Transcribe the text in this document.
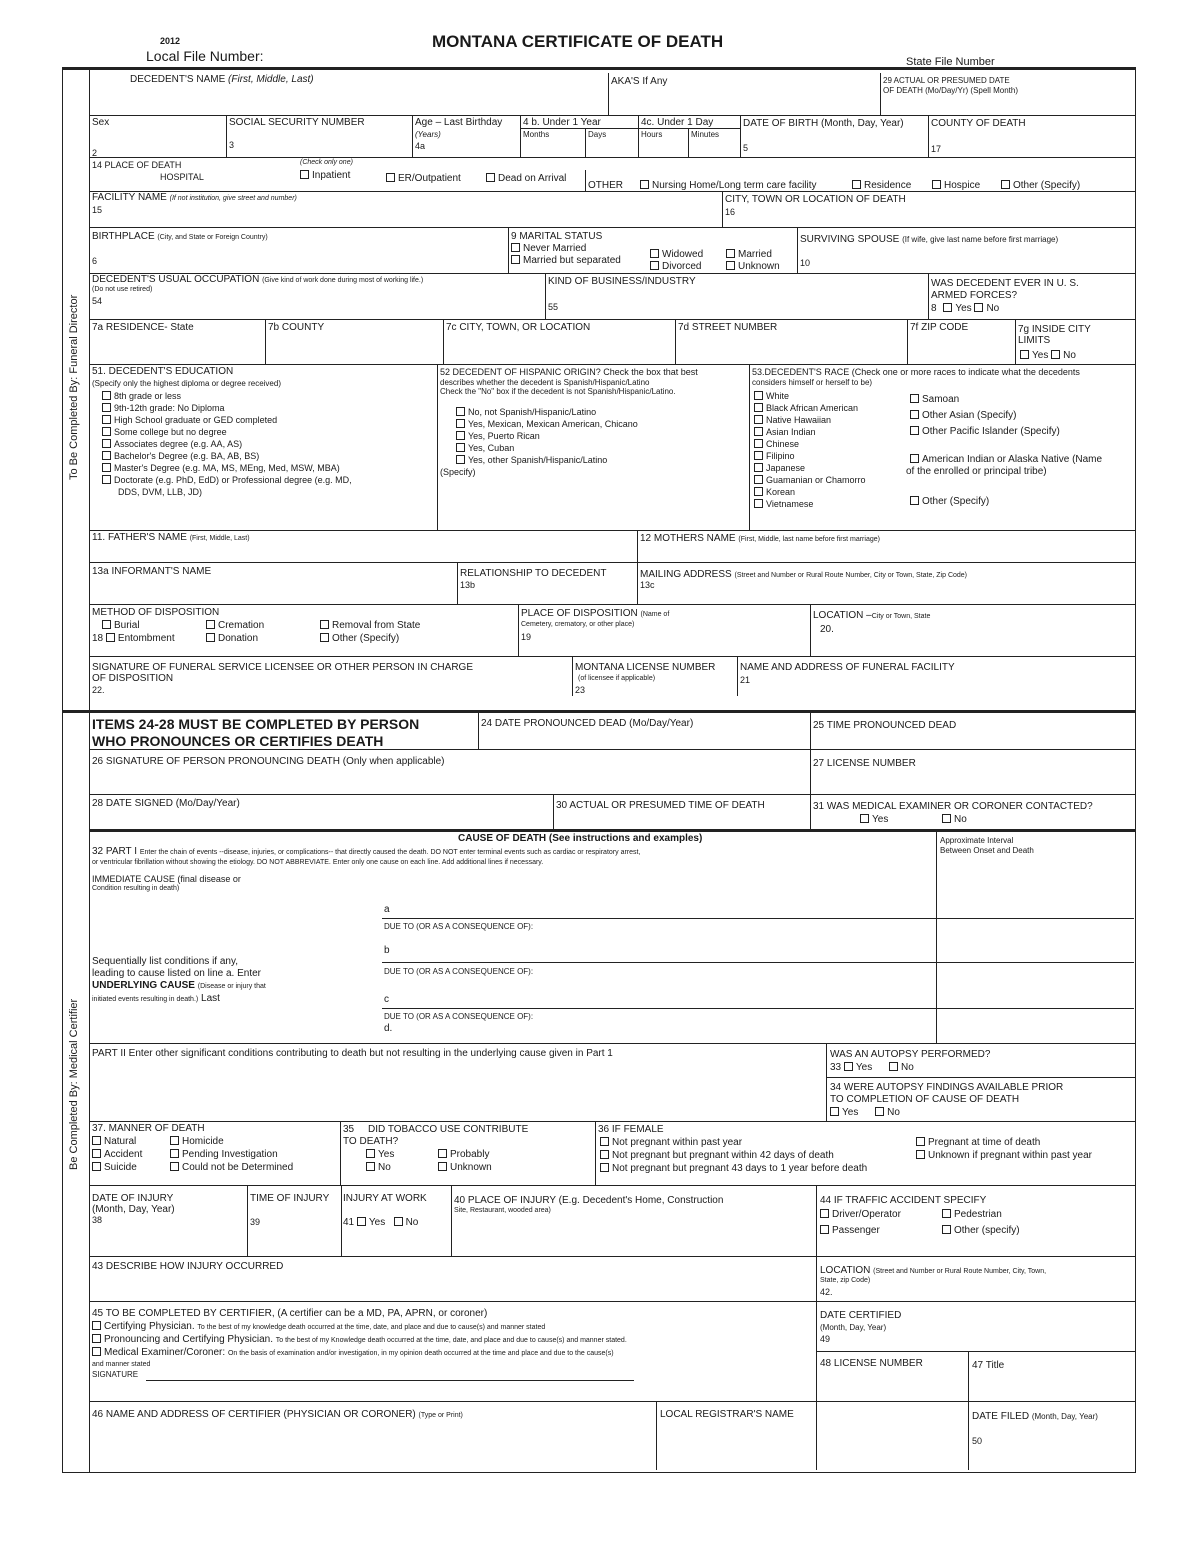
2012
Local File Number:
MONTANA CERTIFICATE OF DEATH
State File Number
To Be Completed By: Funeral Director
Be Completed By: Medical Certifier
DECEDENT'S NAME (First, Middle, Last)	AKA'S If Any	29 ACTUAL OR PRESUMED DATE
OF DEATH (Mo/Day/Yr) (Spell Month)
Sex
2
SOCIAL SECURITY NUMBER
3
Age – Last Birthday
(Years)
4a
4 b. Under 1 Year
Months	Days
4c. Under 1 Day
Hours	Minutes
DATE OF BIRTH (Month, Day, Year)
5
COUNTY OF DEATH
17
14 PLACE OF DEATH
HOSPITAL
(Check only one)
Inpatient	ER/Outpatient	Dead on Arrival
OTHER	Nursing Home/Long term care facility	Residence	Hospice	Other (Specify)
FACILITY NAME (If not institution, give street and number)
15
CITY, TOWN OR LOCATION OF DEATH
16
BIRTHPLACE (City, and State or Foreign Country)
6
9 MARITAL STATUS
Never Married
Married but separated
Widowed
Divorced
Married
Unknown
SURVIVING SPOUSE (If wife, give last name before first marriage)
10
DECEDENT'S USUAL OCCUPATION (Give kind of work done during most of working life.)
(Do not use retired)
54
KIND OF BUSINESS/INDUSTRY
55
WAS DECEDENT EVER IN U. S.
ARMED FORCES?
8 Yes No
7a RESIDENCE- State	7b COUNTY	7c CITY, TOWN, OR LOCATION	7d STREET NUMBER	7f ZIP CODE	7g INSIDE CITY
LIMITS
Yes No
51. DECEDENT'S EDUCATION
(Specify only the highest diploma or degree received)
8th grade or less
9th-12th grade: No Diploma
High School graduate or GED completed
Some college but no degree
Associates degree (e.g. AA, AS)
Bachelor's Degree (e.g. BA, AB, BS)
Master's Degree (e.g. MA, MS, MEng, Med, MSW, MBA)
Doctorate (e.g. PhD, EdD) or Professional degree (e.g. MD,
DDS, DVM, LLB, JD)
52 DECEDENT OF HISPANIC ORIGIN? Check the box that best
describes whether the decedent is Spanish/Hispanic/Latino
Check the "No" box if the decedent is not Spanish/Hispanic/Latino.
No, not Spanish/Hispanic/Latino
Yes, Mexican, Mexican American, Chicano
Yes, Puerto Rican
Yes, Cuban
Yes, other Spanish/Hispanic/Latino
(Specify)
53.DECEDENT'S RACE (Check one or more races to indicate what the decedents
considers himself or herself to be)
White
Black African American
Native Hawaiian
Asian Indian
Chinese
Filipino
Japanese
Guamanian or Chamorro
Korean
Vietnamese
Samoan
Other Asian (Specify)
Other Pacific Islander (Specify)
American Indian or Alaska Native (Name
of the enrolled or principal tribe)
Other (Specify)
11. FATHER'S NAME (First, Middle, Last)	12 MOTHERS NAME (First, Middle, last name before first marriage)
13a INFORMANT'S NAME	RELATIONSHIP TO DECEDENT
13b
MAILING ADDRESS (Street and Number or Rural Route Number, City or Town, State, Zip Code)
13c
METHOD OF DISPOSITION
Burial	Cremation	Removal from State
18 Entombment	Donation	Other (Specify)
PLACE OF DISPOSITION (Name of
Cemetery, crematory, or other place)
19
LOCATION –City or Town, State
20.
SIGNATURE OF FUNERAL SERVICE LICENSEE OR OTHER PERSON IN CHARGE
OF DISPOSITION
22.
MONTANA LICENSE NUMBER
(of licensee if applicable)
23
NAME AND ADDRESS OF FUNERAL FACILITY
21
ITEMS 24-28 MUST BE COMPLETED BY PERSON
WHO PRONOUNCES OR CERTIFIES DEATH
24 DATE PRONOUNCED DEAD (Mo/Day/Year)	25 TIME PRONOUNCED DEAD
26 SIGNATURE OF PERSON PRONOUNCING DEATH (Only when applicable)	27 LICENSE NUMBER
28 DATE SIGNED (Mo/Day/Year)	30 ACTUAL OR PRESUMED TIME OF DEATH	31 WAS MEDICAL EXAMINER OR CORONER CONTACTED?
Yes	No
CAUSE OF DEATH (See instructions and examples)	Approximate Interval
Between Onset and Death
32 PART I Enter the chain of events --disease, injuries, or complications-- that directly caused the death. DO NOT enter terminal events such as cardiac or respiratory arrest,
or ventricular fibrillation without showing the etiology. DO NOT ABBREVIATE. Enter only one cause on each line. Add additional lines if necessary.
IMMEDIATE CAUSE (final disease or
Condition resulting in death)
a
DUE TO (OR AS A CONSEQUENCE OF):
b
DUE TO (OR AS A CONSEQUENCE OF):
c
DUE TO (OR AS A CONSEQUENCE OF):
d.
Sequentially list conditions if any,
leading to cause listed on line a. Enter
UNDERLYING CAUSE (Disease or injury that
initiated events resulting in death.) Last
PART II Enter other significant conditions contributing to death but not resulting in the underlying cause given in Part 1	WAS AN AUTOPSY PERFORMED?
33 Yes	No
34 WERE AUTOPSY FINDINGS AVAILABLE PRIOR
TO COMPLETION OF CAUSE OF DEATH
Yes	No
37. MANNER OF DEATH
Natural	Homicide
Accident	Pending Investigation
Suicide	Could not be Determined
35 DID TOBACCO USE CONTRIBUTE
TO DEATH?
Yes
No
Probably
Unknown
36 IF FEMALE
Not pregnant within past year
Not pregnant but pregnant within 42 days of death
Not pregnant but pregnant 43 days to 1 year before death
Pregnant at time of death
Unknown if pregnant within past year
DATE OF INJURY
(Month, Day, Year)
38
TIME OF INJURY
39
INJURY AT WORK
41 Yes No
40 PLACE OF INJURY (E.g. Decedent's Home, Construction
Site, Restaurant, wooded area)
44 IF TRAFFIC ACCIDENT SPECIFY
Driver/Operator	Pedestrian
Passenger	Other (specify)
43 DESCRIBE HOW INJURY OCCURRED	LOCATION (Street and Number or Rural Route Number, City, Town,
State, zip Code)
42.
45 TO BE COMPLETED BY CERTIFIER, (A certifier can be a MD, PA, APRN, or coroner)
Certifying Physician. To the best of my knowledge death occurred at the time, date, and place and due to cause(s) and manner stated
Pronouncing and Certifying Physician. To the best of my Knowledge death occurred at the time, date, and place and due to cause(s) and manner stated.
Medical Examiner/Coroner: On the basis of examination and/or investigation, in my opinion death occurred at the time and place and due to the cause(s)
and manner stated
SIGNATURE
DATE CERTIFIED
(Month, Day, Year)
49
48 LICENSE NUMBER	47 Title
46 NAME AND ADDRESS OF CERTIFIER (PHYSICIAN OR CORONER) (Type or Print)	LOCAL REGISTRAR'S NAME	DATE FILED (Month, Day, Year)
50
